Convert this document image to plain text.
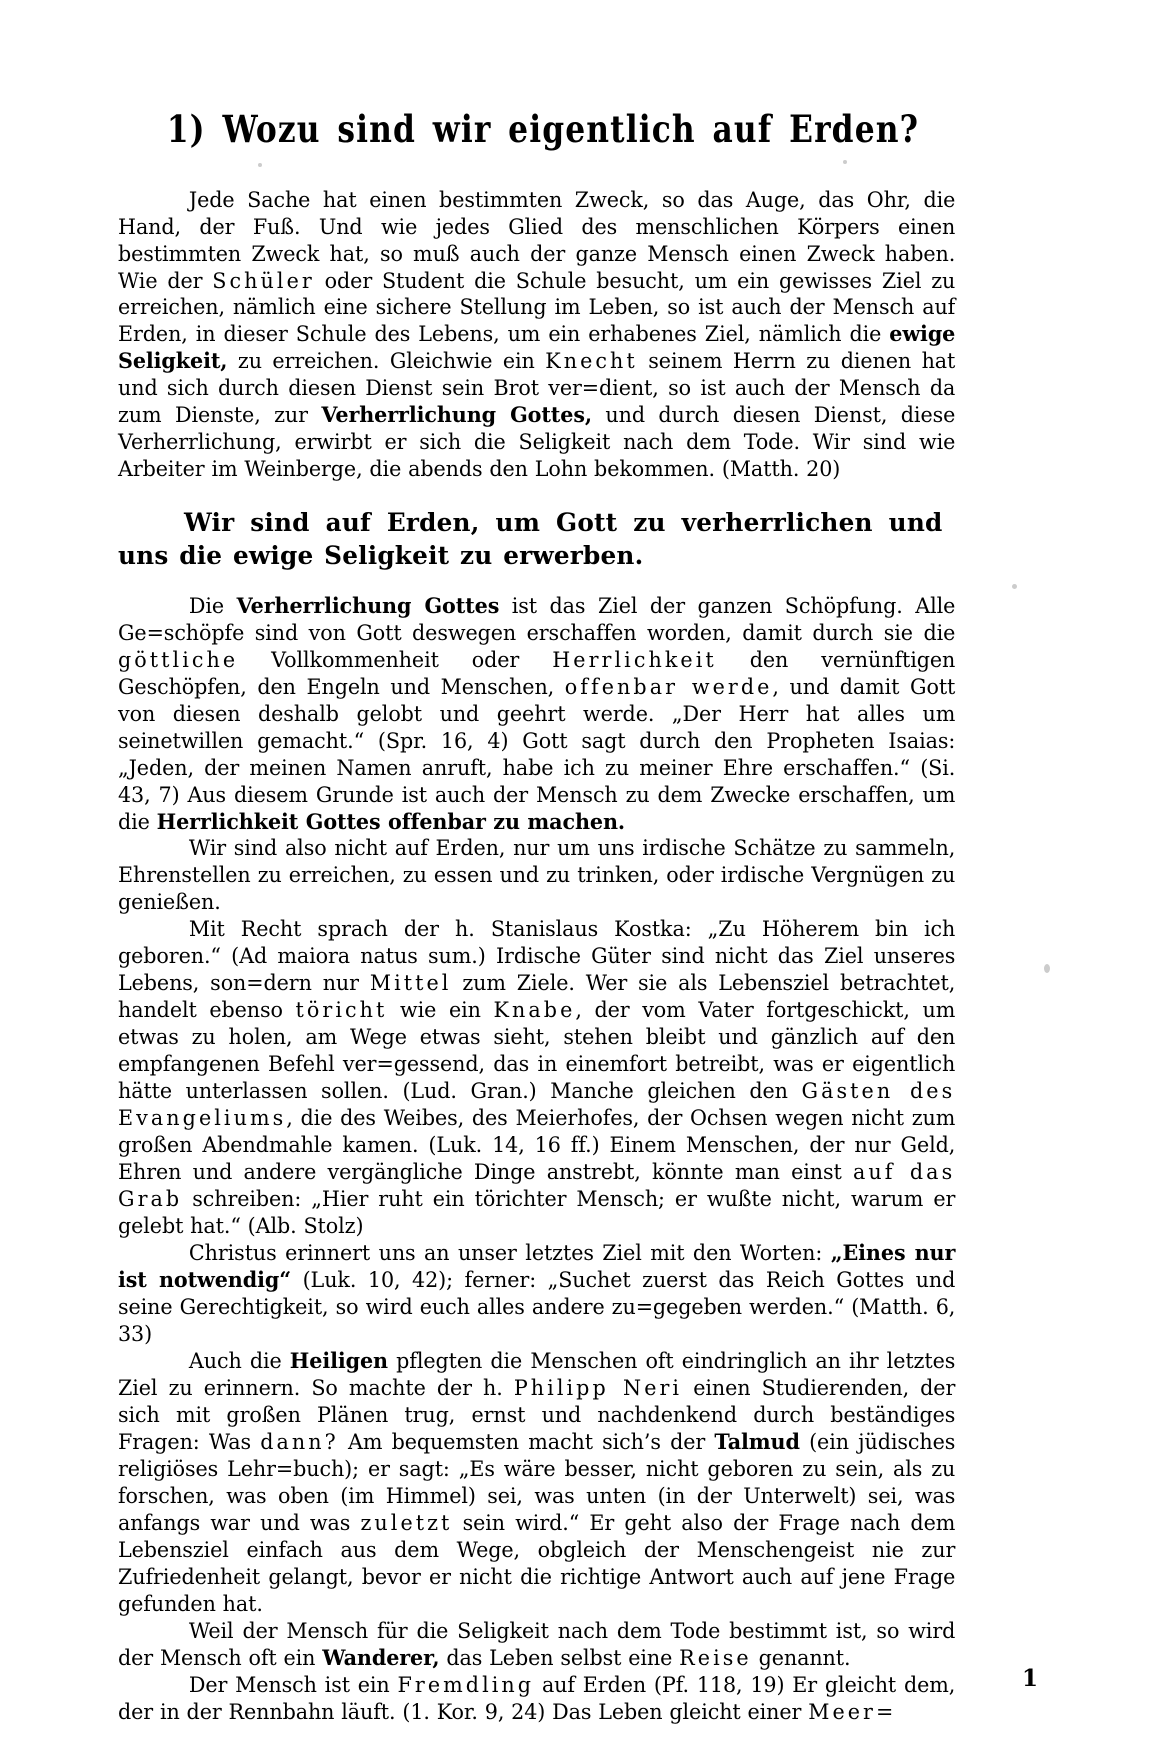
1) Wozu sind wir eigentlich auf Erden?

Jede Sache hat einen bestimmten Zweck, so das Auge, das Ohr, die Hand, der Fuß. Und wie jedes Glied des menschlichen Körpers einen bestimmten Zweck hat, so muß auch der ganze Mensch einen Zweck haben. Wie der Schüler oder Student die Schule besucht, um ein gewisses Ziel zu erreichen, nämlich eine sichere Stellung im Leben, so ist auch der Mensch auf Erden, in dieser Schule des Lebens, um ein erhabenes Ziel, nämlich die ewige Seligkeit, zu erreichen. Gleichwie ein Knecht seinem Herrn zu dienen hat und sich durch diesen Dienst sein Brot ver=dient, so ist auch der Mensch da zum Dienste, zur Verherrlichung Gottes, und durch diesen Dienst, diese Verherrlichung, erwirbt er sich die Seligkeit nach dem Tode. Wir sind wie Arbeiter im Weinberge, die abends den Lohn bekommen. (Matth. 20)

Wir sind auf Erden, um Gott zu verherrlichen und uns die ewige Seligkeit zu erwerben.

Die Verherrlichung Gottes ist das Ziel der ganzen Schöpfung. Alle Ge=schöpfe sind von Gott deswegen erschaffen worden, damit durch sie die göttliche Vollkommenheit oder Herrlichkeit den vernünftigen Geschöpfen, den Engeln und Menschen, offenbar werde, und damit Gott von diesen deshalb gelobt und geehrt werde. „Der Herr hat alles um seinetwillen gemacht.“ (Spr. 16, 4) Gott sagt durch den Propheten Isaias: „Jeden, der meinen Namen anruft, habe ich zu meiner Ehre erschaffen.“ (Si. 43, 7) Aus diesem Grunde ist auch der Mensch zu dem Zwecke erschaffen, um die Herrlichkeit Gottes offenbar zu machen.

Wir sind also nicht auf Erden, nur um uns irdische Schätze zu sammeln, Ehrenstellen zu erreichen, zu essen und zu trinken, oder irdische Vergnügen zu genießen.

Mit Recht sprach der h. Stanislaus Kostka: „Zu Höherem bin ich geboren.“ (Ad maiora natus sum.) Irdische Güter sind nicht das Ziel unseres Lebens, son=dern nur Mittel zum Ziele. Wer sie als Lebensziel betrachtet, handelt ebenso töricht wie ein Knabe, der vom Vater fortgeschickt, um etwas zu holen, am Wege etwas sieht, stehen bleibt und gänzlich auf den empfangenen Befehl ver=gessend, das in einemfort betreibt, was er eigentlich hätte unterlassen sollen. (Lud. Gran.) Manche gleichen den Gästen des Evangeliums, die des Weibes, des Meierhofes, der Ochsen wegen nicht zum großen Abendmahle kamen. (Luk. 14, 16 ff.) Einem Menschen, der nur Geld, Ehren und andere vergängliche Dinge anstrebt, könnte man einst auf das Grab schreiben: „Hier ruht ein törichter Mensch; er wußte nicht, warum er gelebt hat.“ (Alb. Stolz)

Christus erinnert uns an unser letztes Ziel mit den Worten: „Eines nur ist notwendig“ (Luk. 10, 42); ferner: „Suchet zuerst das Reich Gottes und seine Gerechtigkeit, so wird euch alles andere zu=gegeben werden.“ (Matth. 6, 33)

Auch die Heiligen pflegten die Menschen oft eindringlich an ihr letztes Ziel zu erinnern. So machte der h. Philipp Neri einen Studierenden, der sich mit großen Plänen trug, ernst und nachdenkend durch beständiges Fragen: Was dann? Am bequemsten macht sich’s der Talmud (ein jüdisches religiöses Lehr=buch); er sagt: „Es wäre besser, nicht geboren zu sein, als zu forschen, was oben (im Himmel) sei, was unten (in der Unterwelt) sei, was anfangs war und was zuletzt sein wird.“ Er geht also der Frage nach dem Lebensziel einfach aus dem Wege, obgleich der Menschengeist nie zur Zufriedenheit gelangt, bevor er nicht die richtige Antwort auch auf jene Frage gefunden hat.

Weil der Mensch für die Seligkeit nach dem Tode bestimmt ist, so wird der Mensch oft ein Wanderer, das Leben selbst eine Reise genannt.

Der Mensch ist ein Fremdling auf Erden (Pf. 118, 19) Er gleicht dem, der in der Rennbahn läuft. (1. Kor. 9, 24) Das Leben gleicht einer Meer=

1
